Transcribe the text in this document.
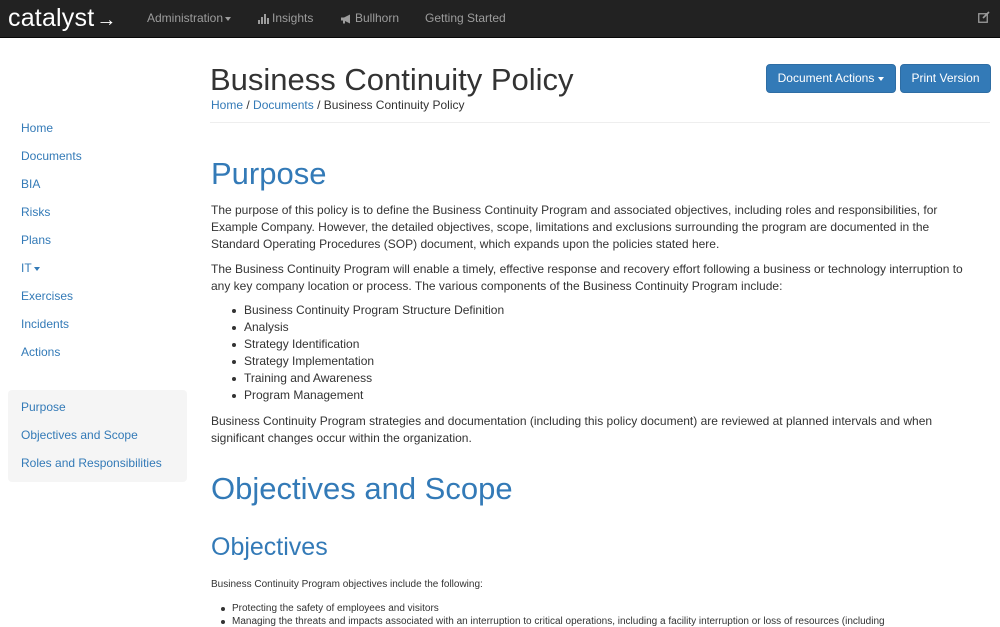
catalyst →	Administration	Insights	Bullhorn Getting Started
Home
Documents
BIA
Risks
Plans
IT
Exercises
Incidents
Actions
Purpose
Objectives and Scope
Roles and Responsibilities
Business Continuity Policy
Home / Documents / Business Continuity Policy
Document Actions	Print Version
Purpose

The purpose of this policy is to define the Business Continuity Program and associated objectives, including roles and responsibilities, for Example Company. However, the detailed objectives, scope, limitations and exclusions surrounding the program are documented in the Standard Operating Procedures (SOP) document, which expands upon the policies stated here.

The Business Continuity Program will enable a timely, effective response and recovery effort following a business or technology interruption to any key company location or process. The various components of the Business Continuity Program include:

Business Continuity Program Structure Definition
Analysis
Strategy Identification
Strategy Implementation
Training and Awareness
Program Management

Business Continuity Program strategies and documentation (including this policy document) are reviewed at planned intervals and when significant changes occur within the organization.

Objectives and Scope
Objectives

Business Continuity Program objectives include the following:

Protecting the safety of employees and visitors
Managing the threats and impacts associated with an interruption to critical operations, including a facility interruption or loss of resources (including
